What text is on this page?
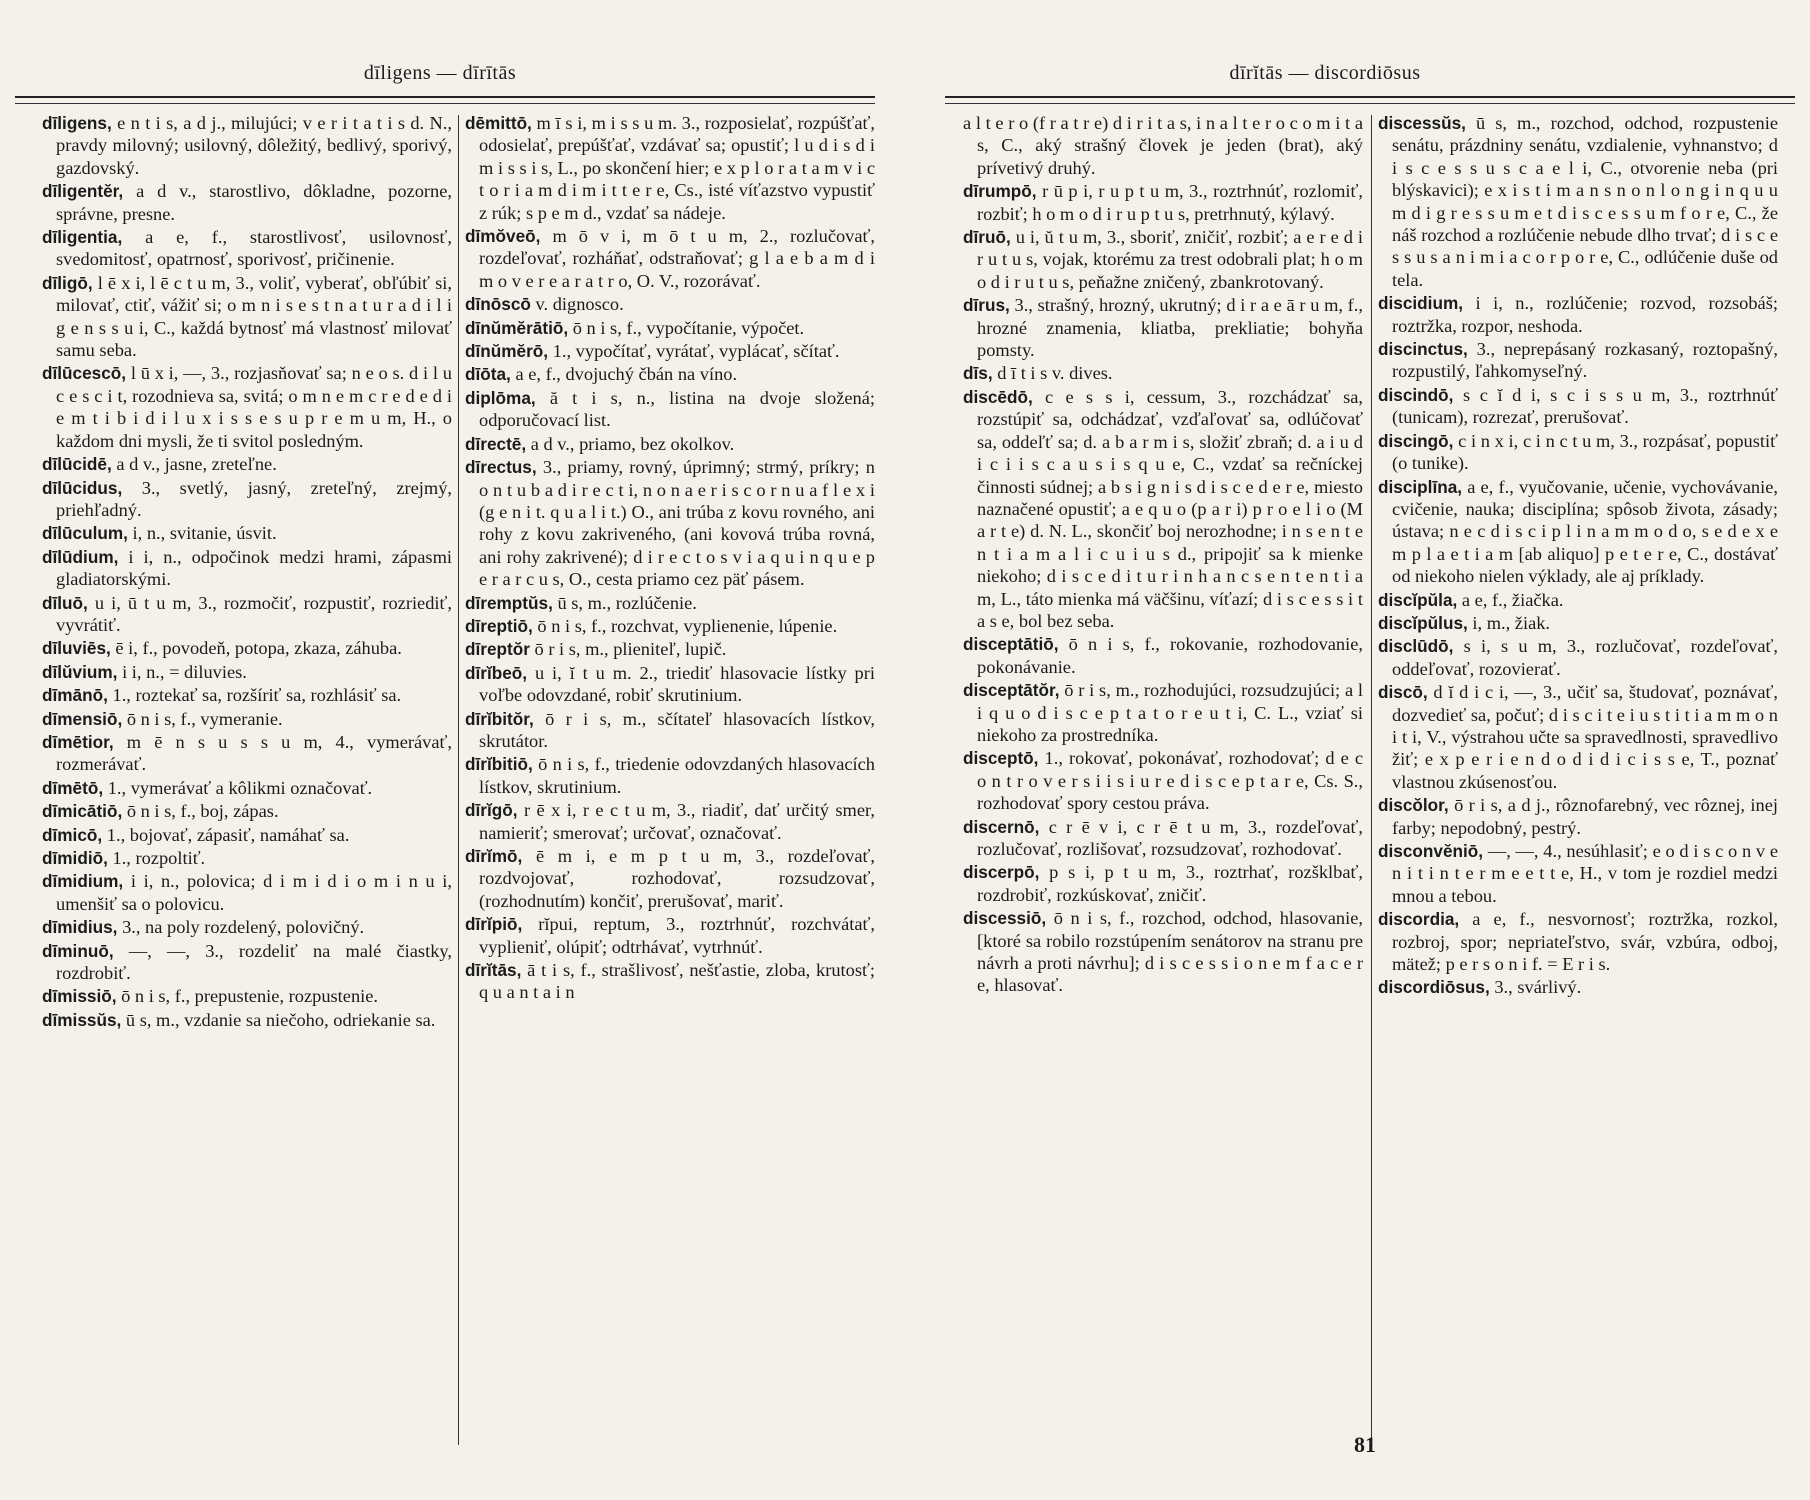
dīligens — dīrītās

dīligens, e n t i s, a d j., milujúci; v e r i t a t i s d. N., pravdy milovný; usilovný, dôležitý, bedlivý, sporivý, gazdovský.

dīligentĕr, a d v., starostlivo, dôkladne, pozorne, správne, presne.

dīligentia, a e, f., starostlivosť, usilovnosť, svedomitosť, opatrnosť, sporivosť, pričinenie.

dīligō, l ē x i, l ē c t u m, 3., voliť, vyberať, obľúbiť si, milovať, ctiť, vážiť si; o m n i s e s t n a t u r a d i l i g e n s s u i, C., každá bytnosť má vlastnosť milovať samu seba.

dīlūcescō, l ū x i, —, 3., rozjasňovať sa; n e o s. d i l u c e s c i t, rozodnieva sa, svitá; o m n e m c r e d e d i e m t i b i d i l u x i s s e s u p r e m u m, H., o každom dni mysli, že ti svitol posledným.

dīlūcidē, a d v., jasne, zreteľne.

dīlūcidus, 3., svetlý, jasný, zreteľný, zrejmý, priehľadný.

dīlūculum, i, n., svitanie, úsvit.

dīlūdium, i i, n., odpočinok medzi hrami, zápasmi gladiatorskými.

dīluō, u i, ū t u m, 3., rozmočiť, rozpustiť, rozriediť, vyvrátiť.

dīluviēs, ē i, f., povodeň, potopa, zkaza, záhuba.

dīlŭvium, i i, n., = diluvies.

dīmānō, 1., roztekať sa, rozšíriť sa, rozhlásiť sa.

dīmensiō, ō n i s, f., vymeranie.

dīmētior, m ē n s u s s u m, 4., vymerávať, rozmerávať.

dīmētō, 1., vymerávať a kôlikmi označovať.

dīmicātiō, ō n i s, f., boj, zápas.

dīmicō, 1., bojovať, zápasiť, namáhať sa.

dīmidiō, 1., rozpoltiť.

dīmidium, i i, n., polovica; d i m i d i o m i n u i, umenšiť sa o polovicu.

dīmidius, 3., na poly rozdelený, polovičný.

dīminuō, —, —, 3., rozdeliť na malé čiastky, rozdrobiť.

dīmissiō, ō n i s, f., prepustenie, rozpustenie.

dīmissŭs, ū s, m., vzdanie sa niečoho, odriekanie sa.

dēmittō, m ī s i, m i s s u m. 3., rozposielať, rozpúšťať, odosielať, prepúšťať, vzdávať sa; opustiť; l u d i s d i m i s s i s, L., po skončení hier; e x p l o r a t a m v i c t o r i a m d i m i t t e r e, Cs., isté víťazstvo vypustiť z rúk; s p e m d., vzdať sa nádeje.

dīmŏveō, m ō v i, m ō t u m, 2., rozlučovať, rozdeľovať, rozháňať, odstraňovať; g l a e b a m d i m o v e r e a r a t r o, O. V., rozorávať.

dīnōscō v. dignosco.

dīnŭmĕrātiō, ō n i s, f., vypočítanie, výpočet.

dīnŭmĕrō, 1., vypočítať, vyrátať, vyplácať, sčítať.

dīōta, a e, f., dvojuchý čbán na víno.

diplōma, ă t i s, n., listina na dvoje složená; odporučovací list.

dīrectē, a d v., priamo, bez okolkov.

dīrectus, 3., priamy, rovný, úprimný; strmý, príkry; n o n t u b a d i r e c t i, n o n a e r i s c o r n u a f l e x i (g e n i t. q u a l i t.) O., ani trúba z kovu rovného, ani rohy z kovu zakriveného, (ani kovová trúba rovná, ani rohy zakrivené); d i r e c t o s v i a q u i n q u e p e r a r c u s, O., cesta priamo cez päť pásem.

dīremptŭs, ū s, m., rozlúčenie.

dīreptiō, ō n i s, f., rozchvat, vyplienenie, lúpenie.

dīreptŏr ō r i s, m., plieniteľ, lupič.

dīrĭbeō, u i, ĭ t u m. 2., triediť hlasovacie lístky pri voľbe odovzdané, robiť skrutinium.

dīrĭbitŏr, ō r i s, m., sčítateľ hlasovacích lístkov, skrutátor.

dīrĭbitiō, ō n i s, f., triedenie odovzdaných hlasovacích lístkov, skrutinium.

dīrĭgō, r ē x i, r e c t u m, 3., riadiť, dať určitý smer, namieriť; smerovať; určovať, označovať.

dīrĭmō, ē m i, e m p t u m, 3., rozdeľovať, rozdvojovať, rozhodovať, rozsudzovať, (rozhodnutím) končiť, prerušovať, mariť.

dīrĭpiō, rĭpui, reptum, 3., roztrhnúť, rozchvátať, vyplieniť, olúpiť; odtrhávať, vytrhnúť.

dīrĭtās, ā t i s, f., strašlivosť, nešťastie, zloba, krutosť; q u a n t a i n

dīrĭtās — discordiōsus

a l t e r o (f r a t r e) d i r i t a s, i n a l t e r o c o m i t a s, C., aký strašný človek je jeden (brat), aký prívetivý druhý.

dīrumpō, r ū p i, r u p t u m, 3., roztrhnúť, rozlomiť, rozbiť; h o m o d i r u p t u s, pretrhnutý, kýlavý.

dīruō, u i, ŭ t u m, 3., sboriť, zničiť, rozbiť; a e r e d i r u t u s, vojak, ktorému za trest odobrali plat; h o m o d i r u t u s, peňažne zničený, zbankrotovaný.

dīrus, 3., strašný, hrozný, ukrutný; d i r a e ā r u m, f., hrozné znamenia, kliatba, prekliatie; bohyňa pomsty.

dīs, d ī t i s v. dives.

discēdō, c e s s i, cessum, 3., rozchádzať sa, rozstúpiť sa, odchádzať, vzďaľovať sa, odlúčovať sa, oddeľť sa; d. a b a r m i s, složiť zbraň; d. a i u d i c i i s c a u s i s q u e, C., vzdať sa rečníckej činnosti súdnej; a b s i g n i s d i s c e d e r e, miesto naznačené opustiť; a e q u o (p a r i) p r o e l i o (M a r t e) d. N. L., skončiť boj nerozhodne; i n s e n t e n t i a m a l i c u i u s d., pripojiť sa k mienke niekoho; d i s c e d i t u r i n h a n c s e n t e n t i a m, L., táto mienka má väčšinu, víťazí; d i s c e s s i t a s e, bol bez seba.

disceptātiō, ō n i s, f., rokovanie, rozhodovanie, pokonávanie.

disceptātŏr, ō r i s, m., rozhodujúci, rozsudzujúci; a l i q u o d i s c e p t a t o r e u t i, C. L., vziať si niekoho za prostredníka.

disceptō, 1., rokovať, pokonávať, rozhodovať; d e c o n t r o v e r s i i s i u r e d i s c e p t a r e, Cs. S., rozhodovať spory cestou práva.

discernō, c r ē v i, c r ē t u m, 3., rozdeľovať, rozlučovať, rozlišovať, rozsudzovať, rozhodovať.

discerpō, p s i, p t u m, 3., roztrhať, rozšklbať, rozdrobiť, rozkúskovať, zničiť.

discessiō, ō n i s, f., rozchod, odchod, hlasovanie, [ktoré sa robilo rozstúpením senátorov na stranu pre návrh a proti návrhu]; d i s c e s s i o n e m f a c e r e, hlasovať.

discessŭs, ū s, m., rozchod, odchod, rozpustenie senátu, prázdniny senátu, vzdialenie, vyhnanstvo; d i s c e s s u s c a e l i, C., otvorenie neba (pri blýskavici); e x i s t i m a n s n o n l o n g i n q u u m d i g r e s s u m e t d i s c e s s u m f o r e, C., že náš rozchod a rozlúčenie nebude dlho trvať; d i s c e s s u s a n i m i a c o r p o r e, C., odlúčenie duše od tela.

discidium, i i, n., rozlúčenie; rozvod, rozsobáš; roztržka, rozpor, neshoda.

discinctus, 3., neprepásaný rozkasaný, roztopašný, rozpustilý, ľahkomyseľný.

discindō, s c ĭ d i, s c i s s u m, 3., roztrhnúť (tunicam), rozrezať, prerušovať.

discingō, c i n x i, c i n c t u m, 3., rozpásať, popustiť (o tunike).

disciplīna, a e, f., vyučovanie, učenie, vychovávanie, cvičenie, nauka; disciplína; spôsob života, zásady; ústava; n e c d i s c i p l i n a m m o d o, s e d e x e m p l a e t i a m [ab aliquo] p e t e r e, C., dostávať od niekoho nielen výklady, ale aj príklady.

discĭpŭla, a e, f., žiačka.

discĭpŭlus, i, m., žiak.

disclūdō, s i, s u m, 3., rozlučovať, rozdeľovať, oddeľovať, rozovierať.

discō, d ĭ d i c i, —, 3., učiť sa, študovať, poznávať, dozvedieť sa, počuť; d i s c i t e i u s t i t i a m m o n i t i, V., výstrahou učte sa spravedlnosti, spravedlivo žiť; e x p e r i e n d o d i d i c i s s e, T., poznať vlastnou zkúsenosťou.

discŏlor, ō r i s, a d j., rôznofarebný, vec rôznej, inej farby; nepodobný, pestrý.

disconvĕniō, —, —, 4., nesúhlasiť; e o d i s c o n v e n i t i n t e r m e e t t e, H., v tom je rozdiel medzi mnou a tebou.

discordia, a e, f., nesvornosť; roztržka, rozkol, rozbroj, spor; nepriateľstvo, svár, vzbúra, odboj, mätež; p e r s o n i f. = E r i s.

discordiōsus, 3., svárlivý.

81
